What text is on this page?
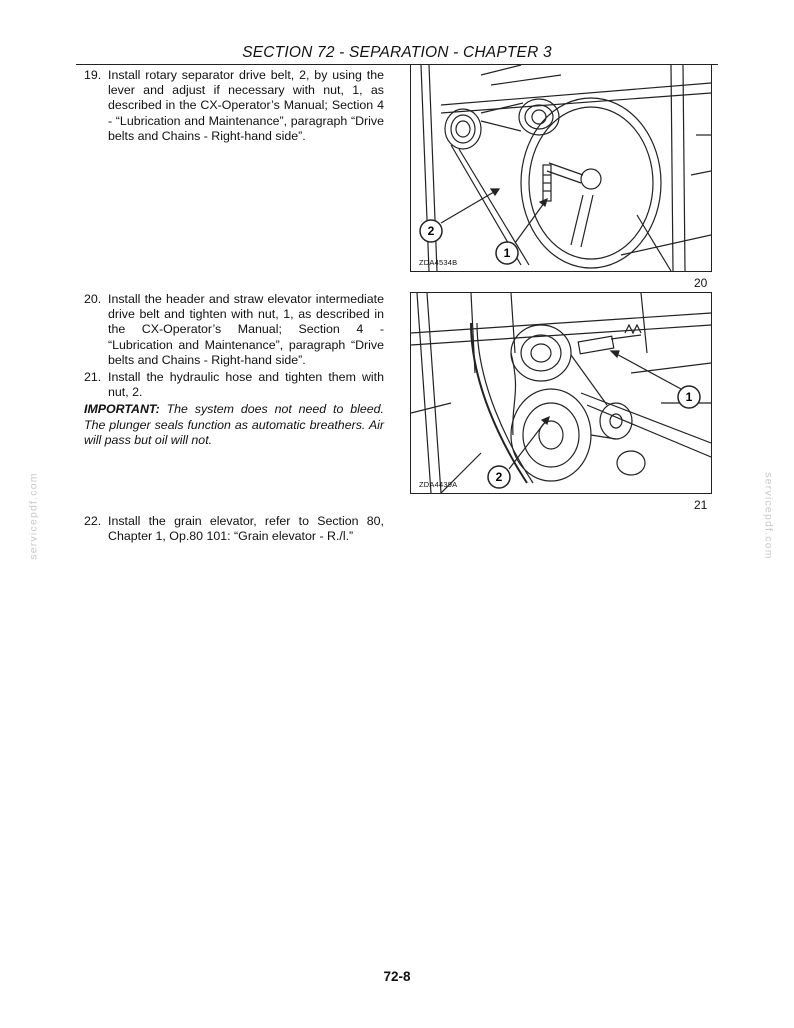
SECTION 72 - SEPARATION - CHAPTER 3
19. Install rotary separator drive belt, 2, by using the lever and adjust if necessary with nut, 1, as described in the CX-Operator’s Manual; Section 4 - “Lubrication and Maintenance”, paragraph “Drive belts and Chains - Right-hand side”.
2
1
ZDA4534B
20
20. Install the header and straw elevator intermediate drive belt and tighten with nut, 1, as described in the CX-Operator’s Manual; Section 4 - “Lubrication and Maintenance”, paragraph “Drive belts and Chains - Right-hand side”.
21. Install the hydraulic hose and tighten them with nut, 2.
IMPORTANT: The system does not need to bleed. The plunger seals function as automatic breathers. Air will pass but oil will not.
1
2
ZDA4439A
21
22. Install the grain elevator, refer to Section 80, Chapter 1, Op.80 101: “Grain elevator - R./l.”
servicepdf.com	servicepdf.com
72-8
